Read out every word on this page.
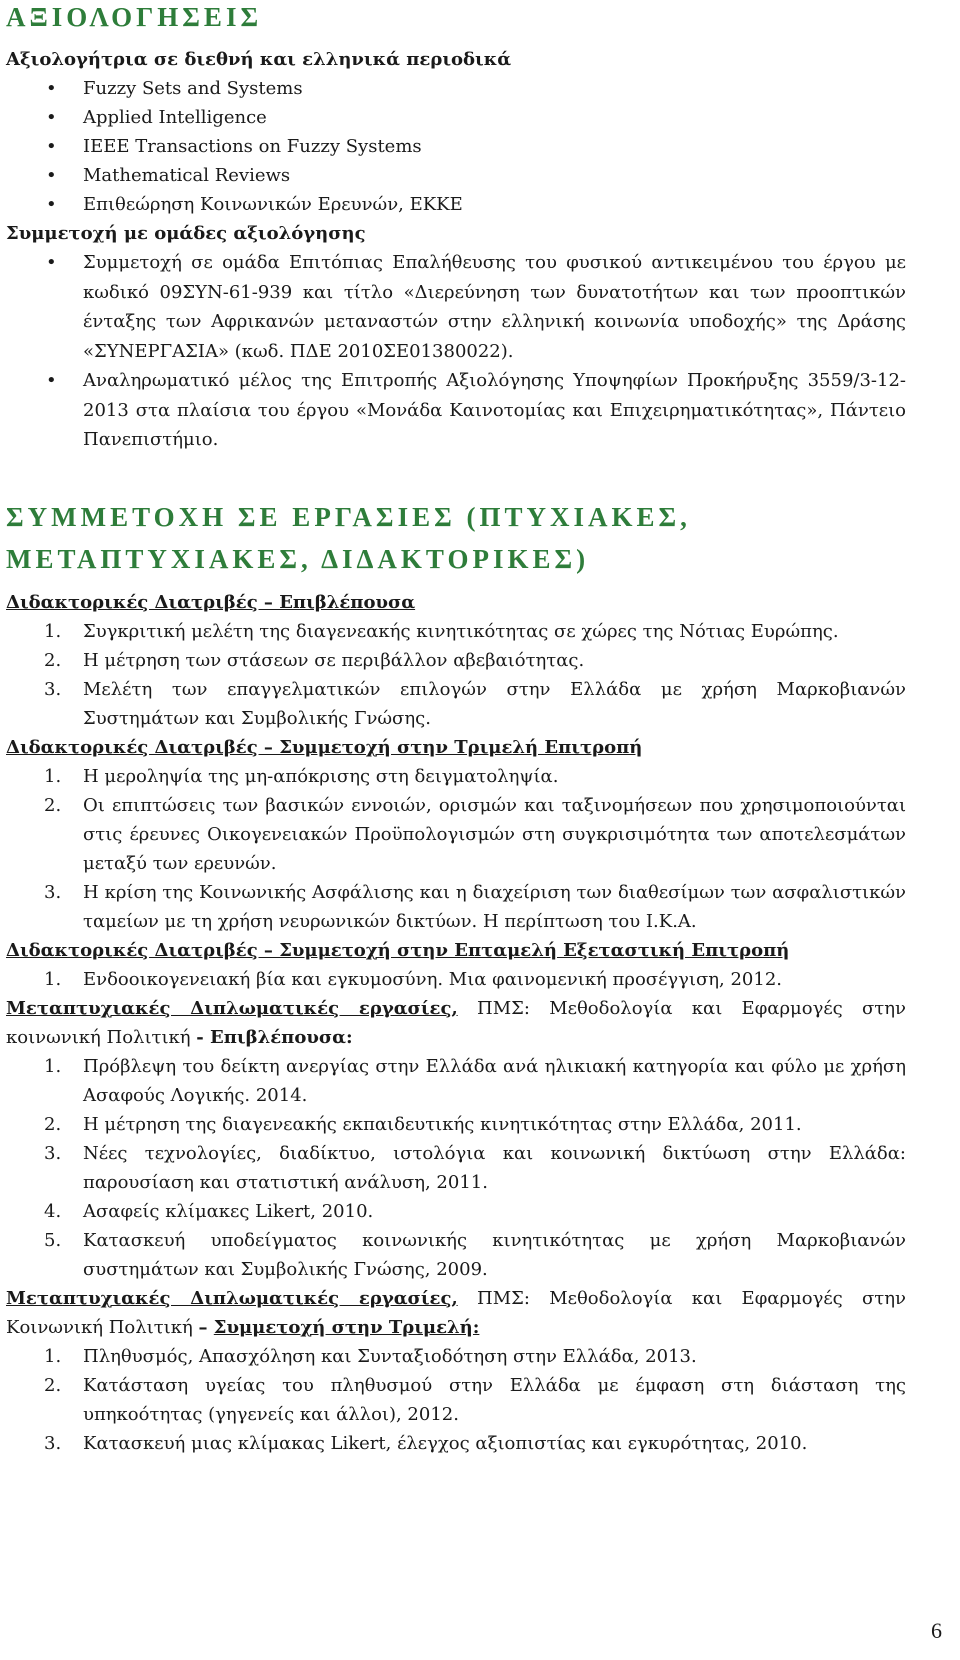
ΑΞΙΟΛΟΓΗΣΕΙΣ

Αξιολογήτρια σε διεθνή και ελληνικά περιοδικά

• Fuzzy Sets and Systems
• Applied Intelligence
• IEEE Transactions on Fuzzy Systems
• Mathematical Reviews
• Επιθεώρηση Κοινωνικών Ερευνών, ΕΚΚΕ

Συμμετοχή με ομάδες αξιολόγησης

• Συμμετοχή σε ομάδα Επιτόπιας Επαλήθευσης του φυσικού αντικειμένου του έργου με κωδικό 09ΣΥΝ-61-939 και τίτλο «Διερεύνηση των δυνατοτήτων και των προοπτικών ένταξης των Αφρικανών μεταναστών στην ελληνική κοινωνία υποδοχής» της Δράσης «ΣΥΝΕΡΓΑΣΙΑ» (κωδ. ΠΔΕ 2010ΣΕ01380022).
• Αναληρωματικό μέλος της Επιτροπής Αξιολόγησης Υποψηφίων Προκήρυξης 3559/3-12-2013 στα πλαίσια του έργου «Μονάδα Καινοτομίας και Επιχειρηματικότητας», Πάντειο Πανεπιστήμιο.
ΣΥΜΜΕΤΟΧΗ ΣΕ ΕΡΓΑΣΙΕΣ (ΠΤΥΧΙΑΚΕΣ, ΜΕΤΑΠΤΥΧΙΑΚΕΣ, ΔΙΔΑΚΤΟΡΙΚΕΣ)

Διδακτορικές Διατριβές – Επιβλέπουσα

1. Συγκριτική μελέτη της διαγενεακής κινητικότητας σε χώρες της Νότιας Ευρώπης.
2. Η μέτρηση των στάσεων σε περιβάλλον αβεβαιότητας.
3. Μελέτη των επαγγελματικών επιλογών στην Ελλάδα με χρήση Μαρκοβιανών Συστημάτων και Συμβολικής Γνώσης.

Διδακτορικές Διατριβές – Συμμετοχή στην Τριμελή Επιτροπή

1. Η μεροληψία της μη-απόκρισης στη δειγματοληψία.
2. Οι επιπτώσεις των βασικών εννοιών, ορισμών και ταξινομήσεων που χρησιμοποιούνται στις έρευνες Οικογενειακών Προϋπολογισμών στη συγκρισιμότητα των αποτελεσμάτων μεταξύ των ερευνών.
3. Η κρίση της Κοινωνικής Ασφάλισης και η διαχείριση των διαθεσίμων των ασφαλιστικών ταμείων με τη χρήση νευρωνικών δικτύων. Η περίπτωση του Ι.Κ.Α.

Διδακτορικές Διατριβές – Συμμετοχή στην Επταμελή Εξεταστική Επιτροπή

1. Ενδοοικογενειακή βία και εγκυμοσύνη. Μια φαινομενική προσέγγιση, 2012.

Μεταπτυχιακές Διπλωματικές εργασίες, ΠΜΣ: Μεθοδολογία και Εφαρμογές στην κοινωνική Πολιτική - Επιβλέπουσα:

1. Πρόβλεψη του δείκτη ανεργίας στην Ελλάδα ανά ηλικιακή κατηγορία και φύλο με χρήση Ασαφούς Λογικής. 2014.
2. Η μέτρηση της διαγενεακής εκπαιδευτικής κινητικότητας στην Ελλάδα, 2011.
3. Νέες τεχνολογίες, διαδίκτυο, ιστολόγια και κοινωνική δικτύωση στην Ελλάδα: παρουσίαση και στατιστική ανάλυση, 2011.
4. Ασαφείς κλίμακες Likert, 2010.
5. Κατασκευή υποδείγματος κοινωνικής κινητικότητας με χρήση Μαρκοβιανών συστημάτων και Συμβολικής Γνώσης, 2009.

Μεταπτυχιακές Διπλωματικές εργασίες, ΠΜΣ: Μεθοδολογία και Εφαρμογές στην Κοινωνική Πολιτική – Συμμετοχή στην Τριμελή:

1. Πληθυσμός, Απασχόληση και Συνταξιοδότηση στην Ελλάδα, 2013.
2. Κατάσταση υγείας του πληθυσμού στην Ελλάδα με έμφαση στη διάσταση της υπηκοότητας (γηγενείς και άλλοι), 2012.
3. Κατασκευή μιας κλίμακας Likert, έλεγχος αξιοπιστίας και εγκυρότητας, 2010.
6
